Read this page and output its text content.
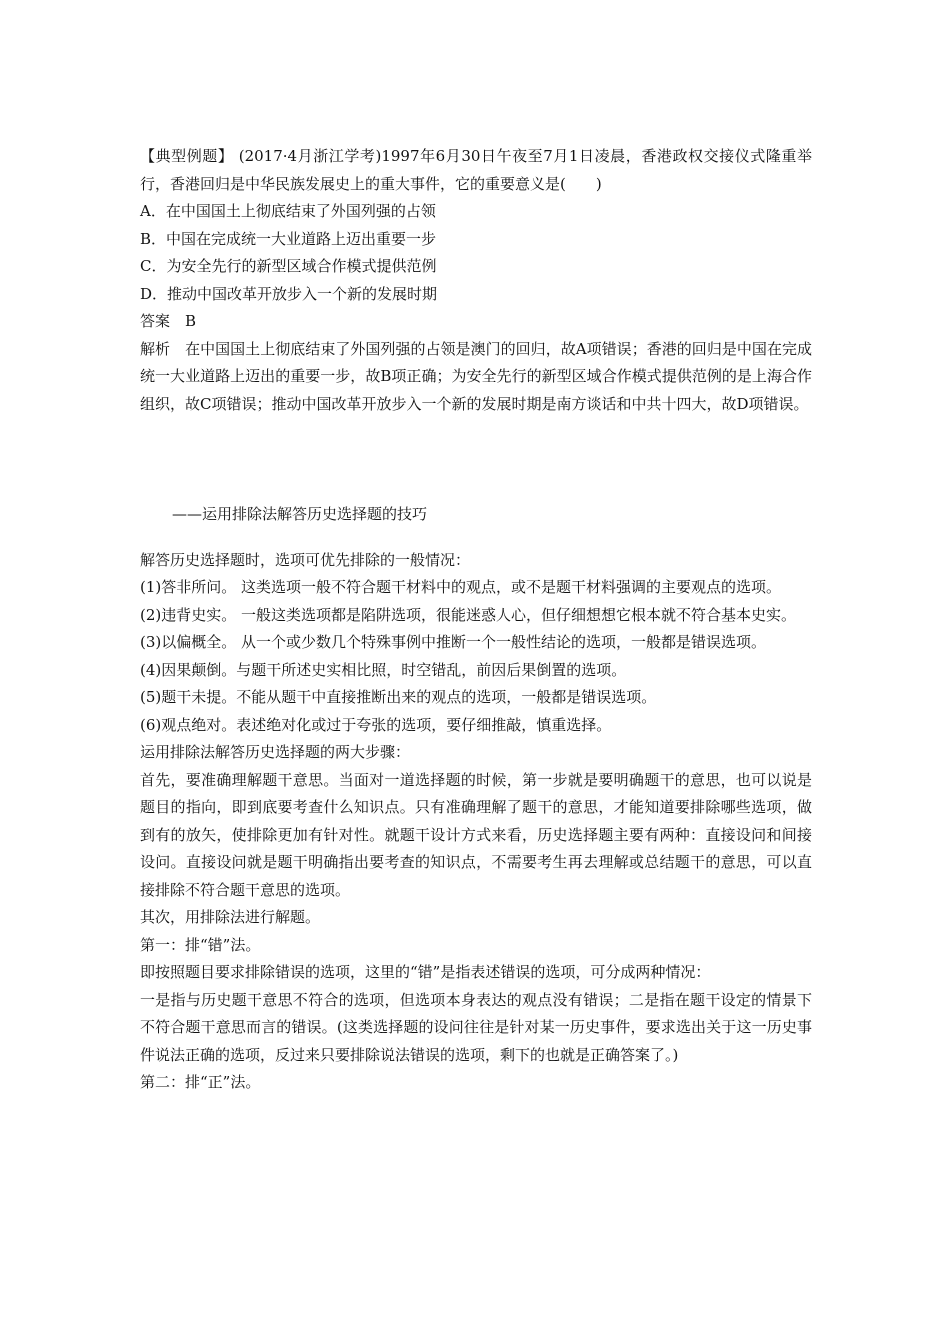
【典型例题】 (2017·4月浙江学考)1997年6月30日午夜至7月1日凌晨，香港政权交接仪式隆重举行，香港回归是中华民族发展史上的重大事件，它的重要意义是(　　)

A．在中国国土上彻底结束了外国列强的占领

B．中国在完成统一大业道路上迈出重要一步

C．为安全先行的新型区域合作模式提供范例

D．推动中国改革开放步入一个新的发展时期

答案　B

解析　在中国国土上彻底结束了外国列强的占领是澳门的回归，故A项错误；香港的回归是中国在完成统一大业道路上迈出的重要一步，故B项正确；为安全先行的新型区域合作模式提供范例的是上海合作组织，故C项错误；推动中国改革开放步入一个新的发展时期是南方谈话和中共十四大，故D项错误。

——运用排除法解答历史选择题的技巧

解答历史选择题时，选项可优先排除的一般情况：

(1)答非所问。 这类选项一般不符合题干材料中的观点，或不是题干材料强调的主要观点的选项。

(2)违背史实。 一般这类选项都是陷阱选项，很能迷惑人心，但仔细想想它根本就不符合基本史实。

(3)以偏概全。 从一个或少数几个特殊事例中推断一个一般性结论的选项，一般都是错误选项。

(4)因果颠倒。与题干所述史实相比照，时空错乱，前因后果倒置的选项。

(5)题干未提。不能从题干中直接推断出来的观点的选项，一般都是错误选项。

(6)观点绝对。表述绝对化或过于夸张的选项，要仔细推敲，慎重选择。

运用排除法解答历史选择题的两大步骤：

首先，要准确理解题干意思。当面对一道选择题的时候，第一步就是要明确题干的意思，也可以说是题目的指向，即到底要考查什么知识点。只有准确理解了题干的意思，才能知道要排除哪些选项，做到有的放矢，使排除更加有针对性。就题干设计方式来看，历史选择题主要有两种：直接设问和间接设问。直接设问就是题干明确指出要考查的知识点，不需要考生再去理解或总结题干的意思，可以直接排除不符合题干意思的选项。

其次，用排除法进行解题。

第一：排“错”法。

即按照题目要求排除错误的选项，这里的“错”是指表述错误的选项，可分成两种情况：

一是指与历史题干意思不符合的选项，但选项本身表达的观点没有错误；二是指在题干设定的情景下不符合题干意思而言的错误。(这类选择题的设问往往是针对某一历史事件，要求选出关于这一历史事件说法正确的选项，反过来只要排除说法错误的选项，剩下的也就是正确答案了。)

第二：排“正”法。
